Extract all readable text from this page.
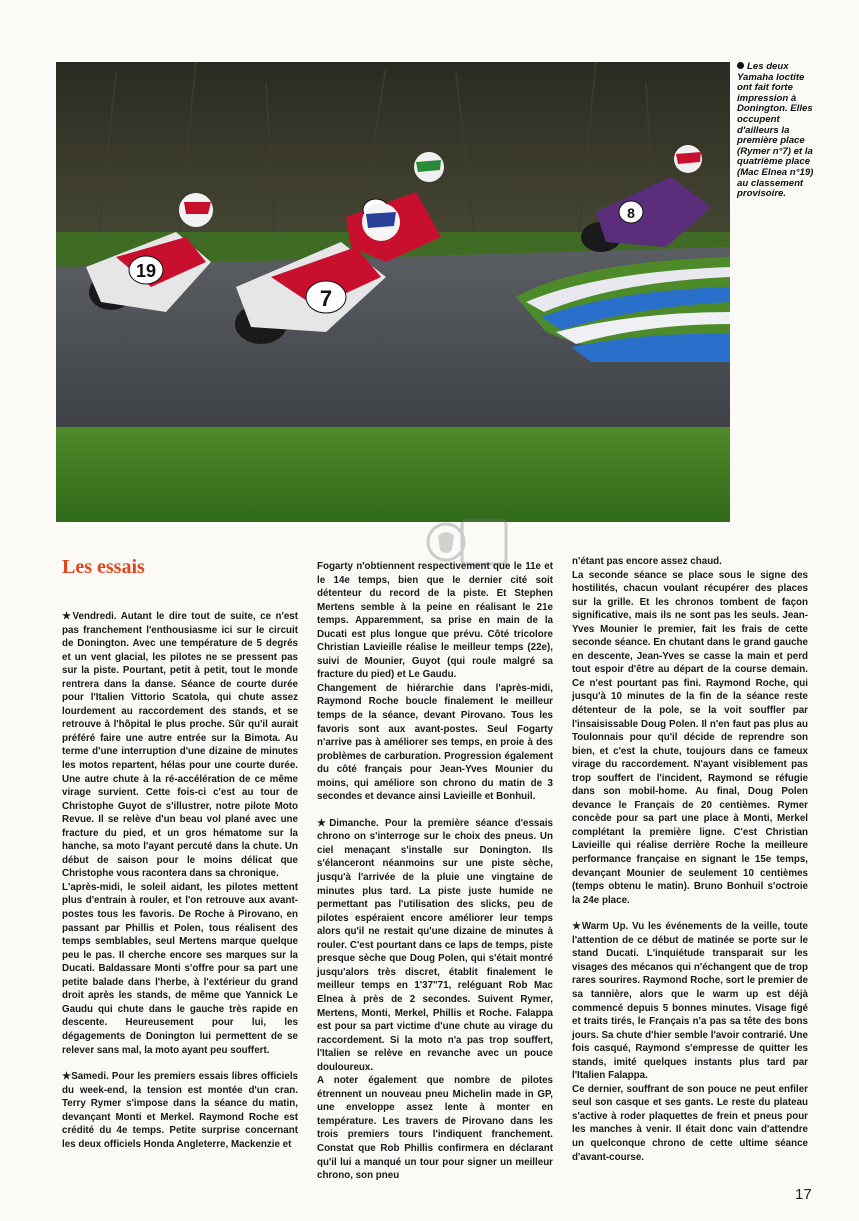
19
7
8
Les deux Yamaha loctite ont fait forte impression à Donington. Elles occupent d'ailleurs la première place (Rymer n°7) et la quatrième place (Mac Elnea n°19) au classement provisoire.
Les essais

★Vendredi. Autant le dire tout de suite, ce n'est pas franchement l'enthousiasme ici sur le circuit de Donington. Avec une température de 5 degrés et un vent glacial, les pilotes ne se pressent pas sur la piste. Pourtant, petit à petit, tout le monde rentrera dans la danse. Séance de courte durée pour l'Italien Vittorio Scatola, qui chute assez lourdement au raccordement des stands, et se retrouve à l'hôpital le plus proche. Sûr qu'il aurait préféré faire une autre entrée sur la Bimota. Au terme d'une interruption d'une dizaine de minutes les motos repartent, hélas pour une courte durée. Une autre chute à la ré-accélération de ce même virage survient. Cette fois-ci c'est au tour de Christophe Guyot de s'illustrer, notre pilote Moto Revue. Il se relève d'un beau vol plané avec une fracture du pied, et un gros hématome sur la hanche, sa moto l'ayant percuté dans la chute. Un début de saison pour le moins délicat que Christophe vous racontera dans sa chronique.
L'après-midi, le soleil aidant, les pilotes mettent plus d'entrain à rouler, et l'on retrouve aux avant-postes tous les favoris. De Roche à Pirovano, en passant par Phillis et Polen, tous réalisent des temps semblables, seul Mertens marque quelque peu le pas. Il cherche encore ses marques sur la Ducati. Baldassare Monti s'offre pour sa part une petite balade dans l'herbe, à l'extérieur du grand droit après les stands, de même que Yannick Le Gaudu qui chute dans le gauche très rapide en descente. Heureusement pour lui, les dégagements de Donington lui permettent de se relever sans mal, la moto ayant peu souffert.

★Samedi. Pour les premiers essais libres officiels du week-end, la tension est montée d'un cran. Terry Rymer s'impose dans la séance du matin, devançant Monti et Merkel. Raymond Roche est crédité du 4e temps. Petite surprise concernant les deux officiels Honda Angleterre, Mackenzie et

Fogarty n'obtiennent respectivement que le 11e et le 14e temps, bien que le dernier cité soit détenteur du record de la piste. Et Stephen Mertens semble à la peine en réalisant le 21e temps. Apparemment, sa prise en main de la Ducati est plus longue que prévu. Côté tricolore Christian Lavieille réalise le meilleur temps (22e), suivi de Mounier, Guyot (qui roule malgré sa fracture du pied) et Le Gaudu.
Changement de hiérarchie dans l'après-midi, Raymond Roche boucle finalement le meilleur temps de la séance, devant Pirovano. Tous les favoris sont aux avant-postes. Seul Fogarty n'arrive pas à améliorer ses temps, en proie à des problèmes de carburation. Progression également du côté français pour Jean-Yves Mounier du moins, qui améliore son chrono du matin de 3 secondes et devance ainsi Lavieille et Bonhuil.

★Dimanche. Pour la première séance d'essais chrono on s'interroge sur le choix des pneus. Un ciel menaçant s'installe sur Donington. Ils s'élanceront néanmoins sur une piste sèche, jusqu'à l'arrivée de la pluie une vingtaine de minutes plus tard. La piste juste humide ne permettant pas l'utilisation des slicks, peu de pilotes espéraient encore améliorer leur temps alors qu'il ne restait qu'une dizaine de minutes à rouler. C'est pourtant dans ce laps de temps, piste presque sèche que Doug Polen, qui s'était montré jusqu'alors très discret, établit finalement le meilleur temps en 1'37"71, reléguant Rob Mac Elnea à près de 2 secondes. Suivent Rymer, Mertens, Monti, Merkel, Phillis et Roche. Falappa est pour sa part victime d'une chute au virage du raccordement. Si la moto n'a pas trop souffert, l'Italien se relève en revanche avec un pouce douloureux.
A noter également que nombre de pilotes étrennent un nouveau pneu Michelin made in GP, une enveloppe assez lente à monter en température. Les travers de Pirovano dans les trois premiers tours l'indiquent franchement. Constat que Rob Phillis confirmera en déclarant qu'il lui a manqué un tour pour signer un meilleur chrono, son pneu

n'étant pas encore assez chaud.
La seconde séance se place sous le signe des hostilités, chacun voulant récupérer des places sur la grille. Et les chronos tombent de façon significative, mais ils ne sont pas les seuls. Jean-Yves Mounier le premier, fait les frais de cette seconde séance. En chutant dans le grand gauche en descente, Jean-Yves se casse la main et perd tout espoir d'être au départ de la course demain. Ce n'est pourtant pas fini. Raymond Roche, qui jusqu'à 10 minutes de la fin de la séance reste détenteur de la pole, se la voit souffler par l'insaisissable Doug Polen. Il n'en faut pas plus au Toulonnais pour qu'il décide de reprendre son bien, et c'est la chute, toujours dans ce fameux virage du raccordement. N'ayant visiblement pas trop souffert de l'incident, Raymond se réfugie dans son mobil-home. Au final, Doug Polen devance le Français de 20 centièmes. Rymer concède pour sa part une place à Monti, Merkel complétant la première ligne. C'est Christian Lavieille qui réalise derrière Roche la meilleure performance française en signant le 15e temps, devançant Mounier de seulement 10 centièmes (temps obtenu le matin). Bruno Bonhuil s'octroie la 24e place.

★Warm Up. Vu les événements de la veille, toute l'attention de ce début de matinée se porte sur le stand Ducati. L'inquiétude transparait sur les visages des mécanos qui n'échangent que de trop rares sourires. Raymond Roche, sort le premier de sa tannière, alors que le warm up est déjà commencé depuis 5 bonnes minutes. Visage figé et traits tirés, le Français n'a pas sa tête des bons jours. Sa chute d'hier semble l'avoir contrarié. Une fois casqué, Raymond s'empresse de quitter les stands, imité quelques instants plus tard par l'Italien Falappa.
Ce dernier, souffrant de son pouce ne peut enfiler seul son casque et ses gants. Le reste du plateau s'active à roder plaquettes de frein et pneus pour les manches à venir. Il était donc vain d'attendre un quelconque chrono de cette ultime séance d'avant-course.

17
